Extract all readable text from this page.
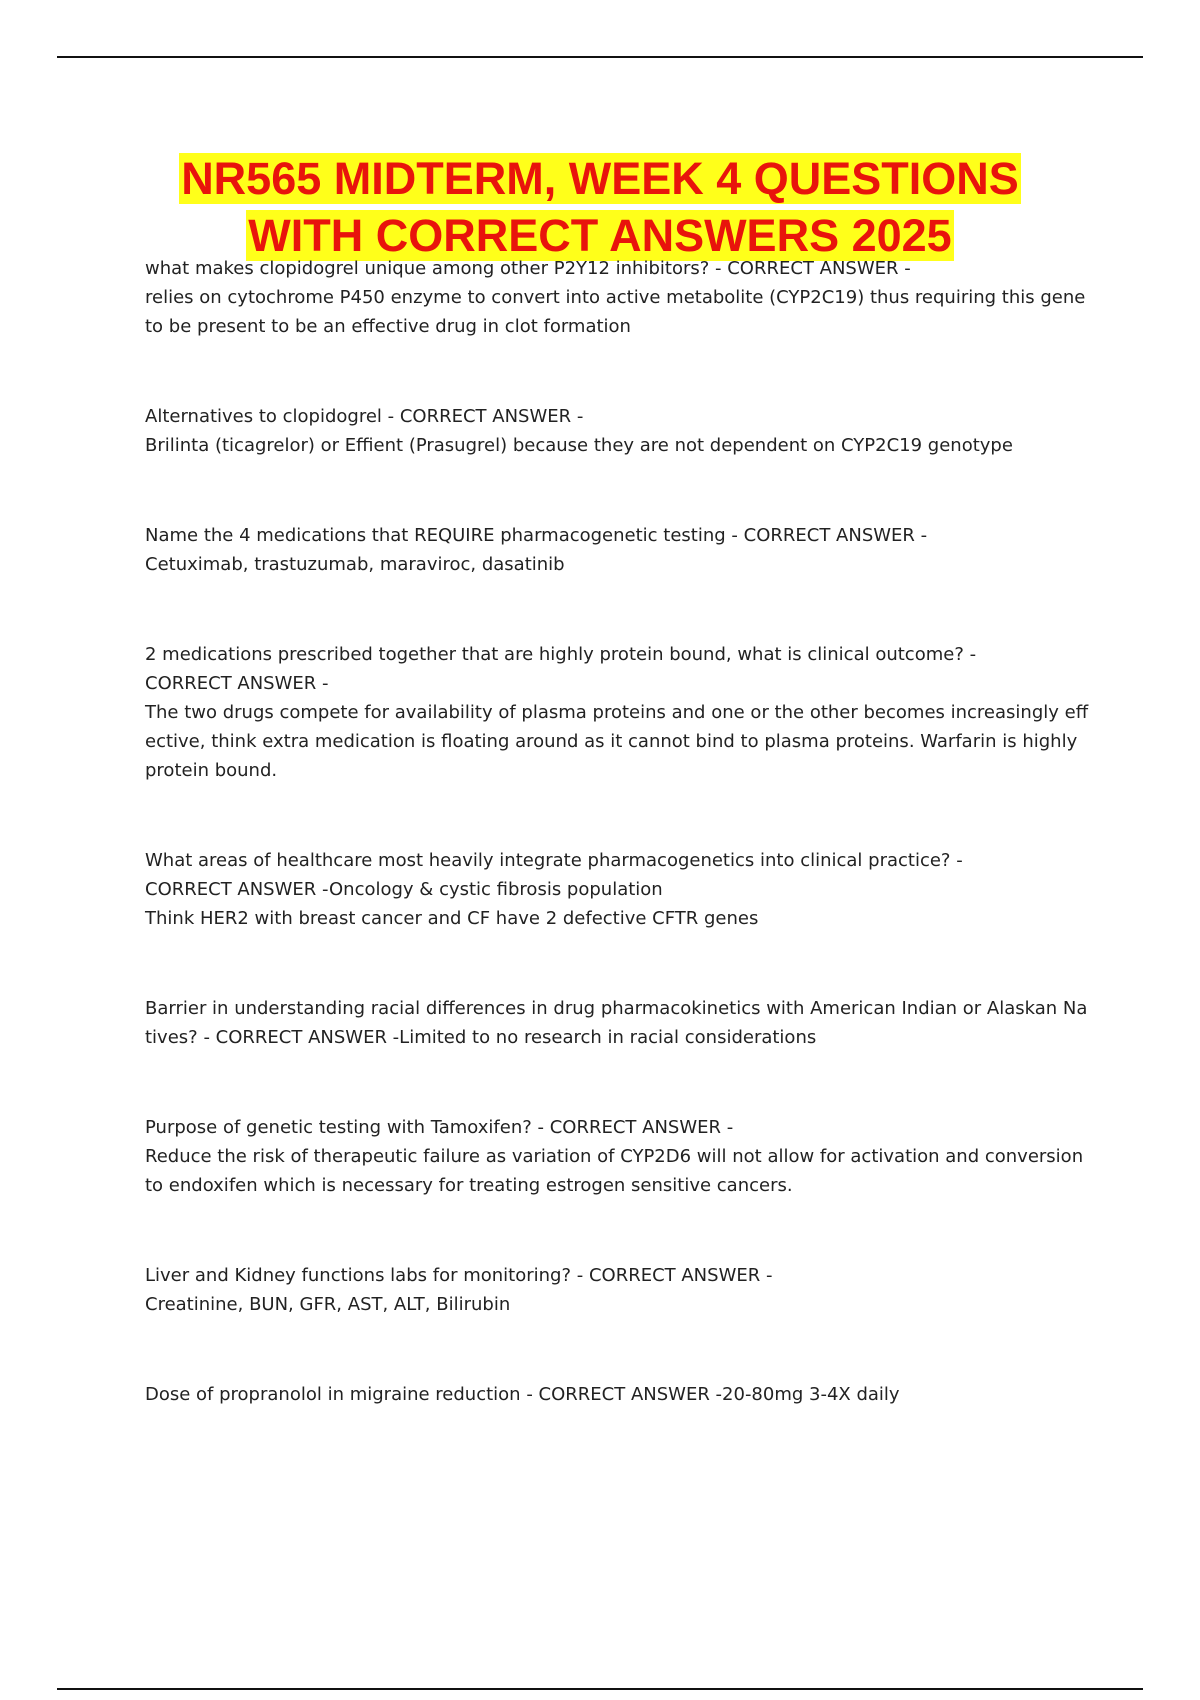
NR565 MIDTERM, WEEK 4 QUESTIONS
WITH CORRECT ANSWERS 2025

what makes clopidogrel unique among other P2Y12 inhibitors? - CORRECT ANSWER -

relies on cytochrome P450 enzyme to convert into active metabolite (CYP2C19) thus requiring this gene to be present to be an effective drug in clot formation

Alternatives to clopidogrel - CORRECT ANSWER -

Brilinta (ticagrelor) or Effient (Prasugrel) because they are not dependent on CYP2C19 genotype

Name the 4 medications that REQUIRE pharmacogenetic testing - CORRECT ANSWER -

Cetuximab, trastuzumab, maraviroc, dasatinib

2 medications prescribed together that are highly protein bound, what is clinical outcome? -

CORRECT ANSWER -

The two drugs compete for availability of plasma proteins and one or the other becomes increasingly effective, think extra medication is floating around as it cannot bind to plasma proteins. Warfarin is highly protein bound.

What areas of healthcare most heavily integrate pharmacogenetics into clinical practice? -

CORRECT ANSWER -Oncology & cystic fibrosis population

Think HER2 with breast cancer and CF have 2 defective CFTR genes

Barrier in understanding racial differences in drug pharmacokinetics with American Indian or Alaskan Natives? - CORRECT ANSWER -Limited to no research in racial considerations

Purpose of genetic testing with Tamoxifen? - CORRECT ANSWER -

Reduce the risk of therapeutic failure as variation of CYP2D6 will not allow for activation and conversion to endoxifen which is necessary for treating estrogen sensitive cancers.

Liver and Kidney functions labs for monitoring? - CORRECT ANSWER -

Creatinine, BUN, GFR, AST, ALT, Bilirubin

Dose of propranolol in migraine reduction - CORRECT ANSWER -20-80mg 3-4X daily
